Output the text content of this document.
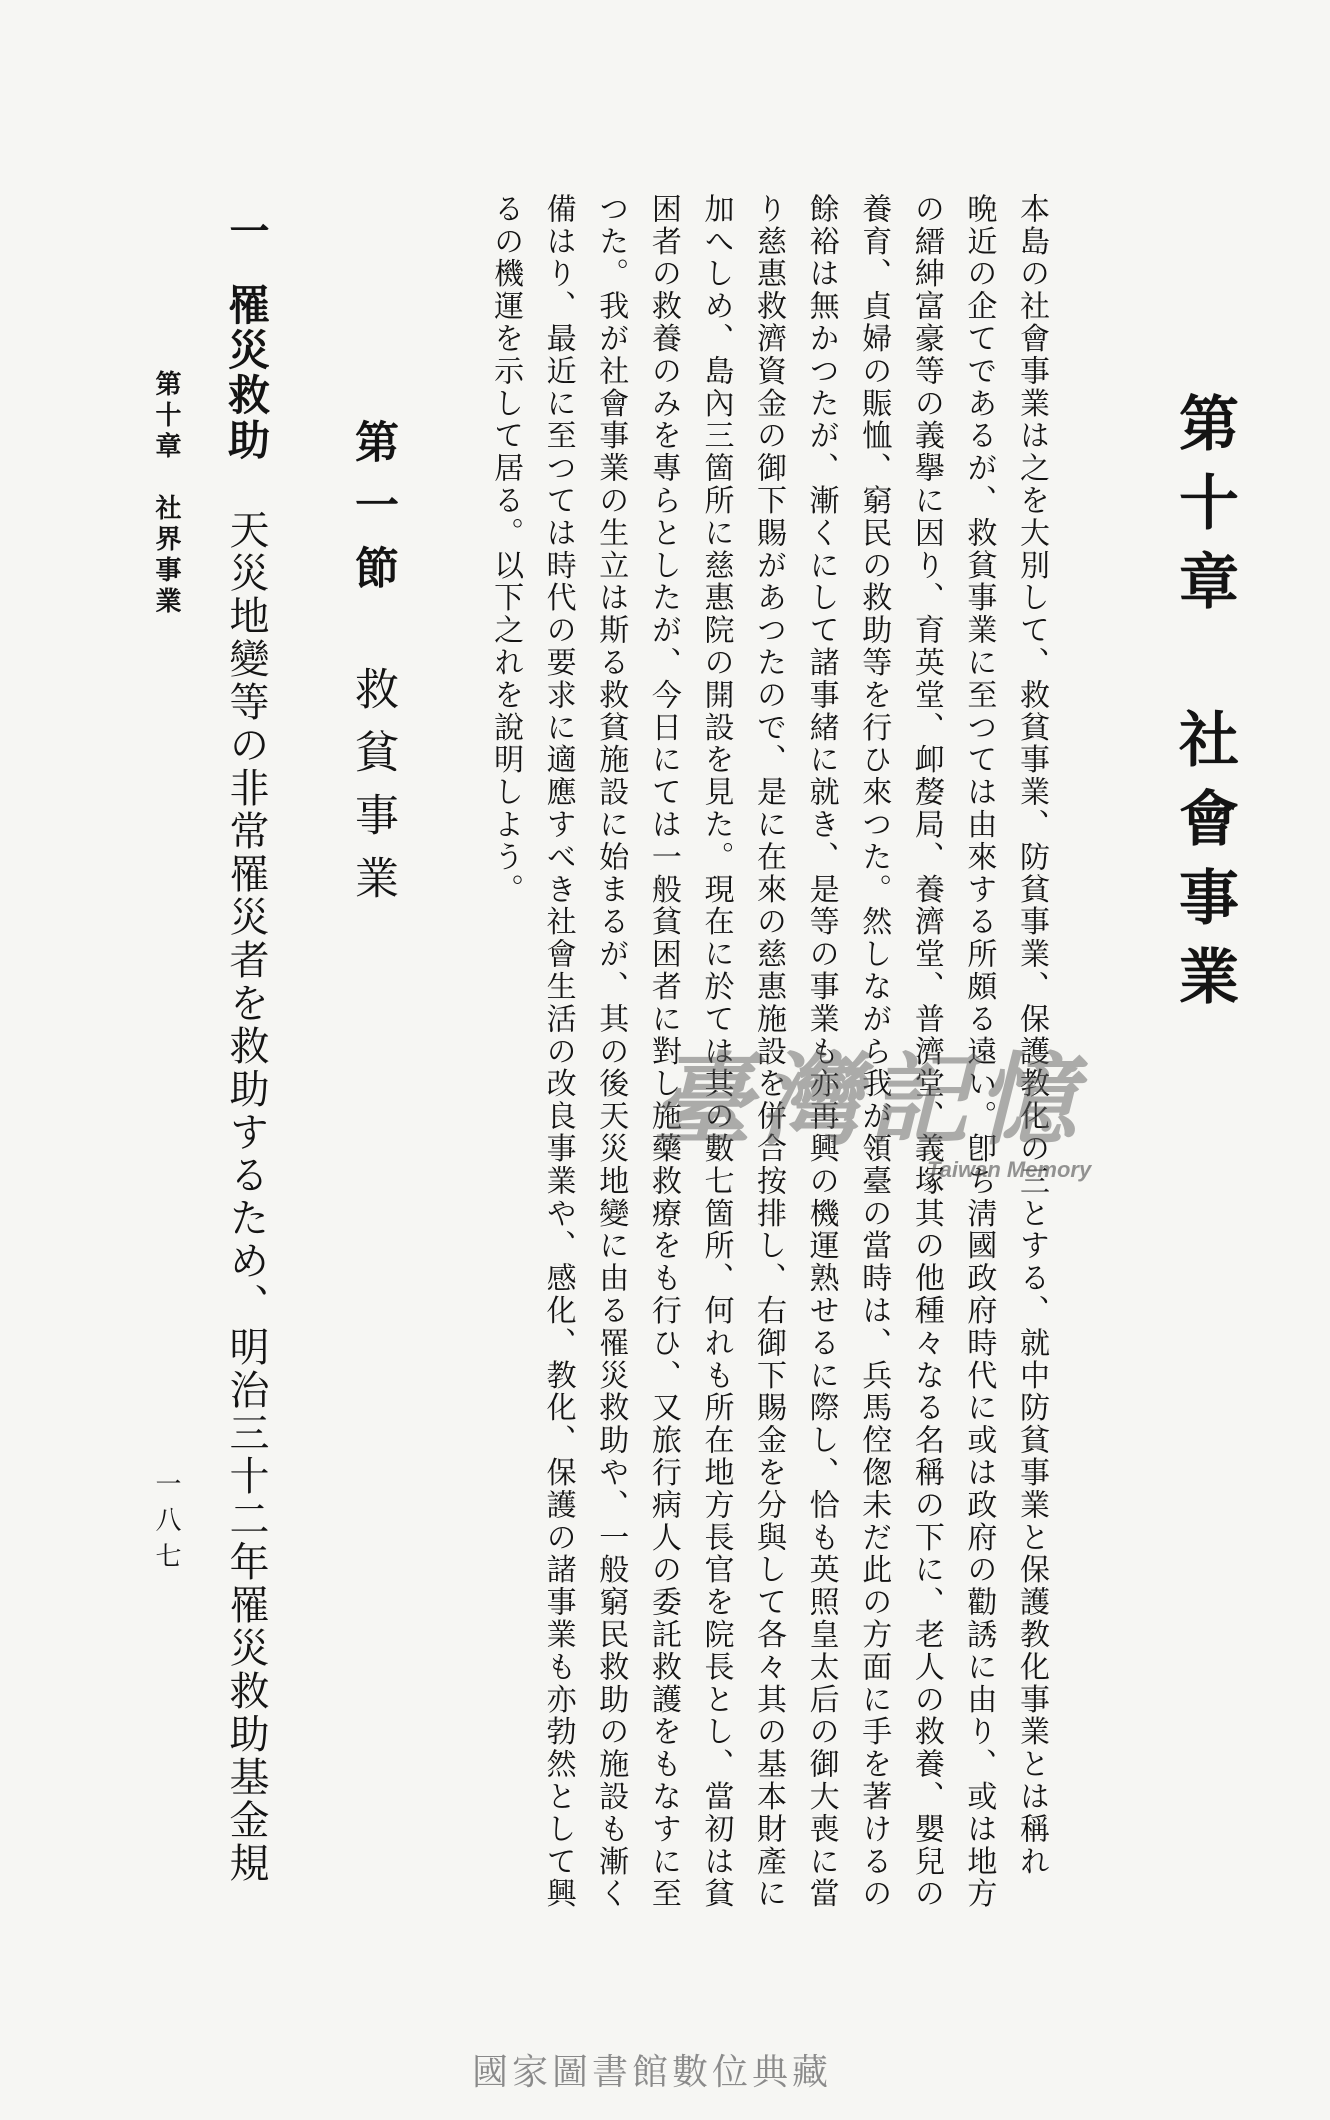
第十章　社會事業
本島の社會事業は之を大別して、救貧事業、防貧事業、保護教化の三とする、就中防貧事業と保護教化事業とは稱れ
晩近の企てであるが、救貧事業に至つては由來する所頗る遠い。卽ち淸國政府時代に或は政府の勸誘に由り、或は地方
の縉紳富豪等の義擧に因り、育英堂、卹嫠局、養濟堂、普濟堂、義塚其の他種々なる名稱の下に、老人の救養、嬰兒の
養育、貞婦の賑恤、窮民の救助等を行ひ來つた。然しながら我が領臺の當時は、兵馬倥偬未だ此の方面に手を著けるの
餘裕は無かつたが、漸くにして諸事緒に就き、是等の事業も亦再興の機運熟せるに際し、恰も英照皇太后の御大喪に當
り慈惠救濟資金の御下賜があつたので、是に在來の慈惠施設を併合按排し、右御下賜金を分與して各々其の基本財產に
加へしめ、島內三箇所に慈惠院の開設を見た。現在に於ては其の數七箇所、何れも所在地方長官を院長とし、當初は貧
困者の救養のみを專らとしたが、今日にては一般貧困者に對し施藥救療をも行ひ、又旅行病人の委託救護をもなすに至
つた。我が社會事業の生立は斯る救貧施設に始まるが、其の後天災地變に由る罹災救助や、一般窮民救助の施設も漸く
備はり、最近に至つては時代の要求に適應すべき社會生活の改良事業や、感化、教化、保護の諸事業も亦勃然として興
るの機運を示して居る。以下之れを說明しよう。
第一節救貧事業
一罹災救助天災地變等の非常罹災者を救助するため、明治三十二年罹災救助基金規
第十章　社界事業
一八七
臺灣記憶
Taiwan Memory
國家圖書館數位典藏
